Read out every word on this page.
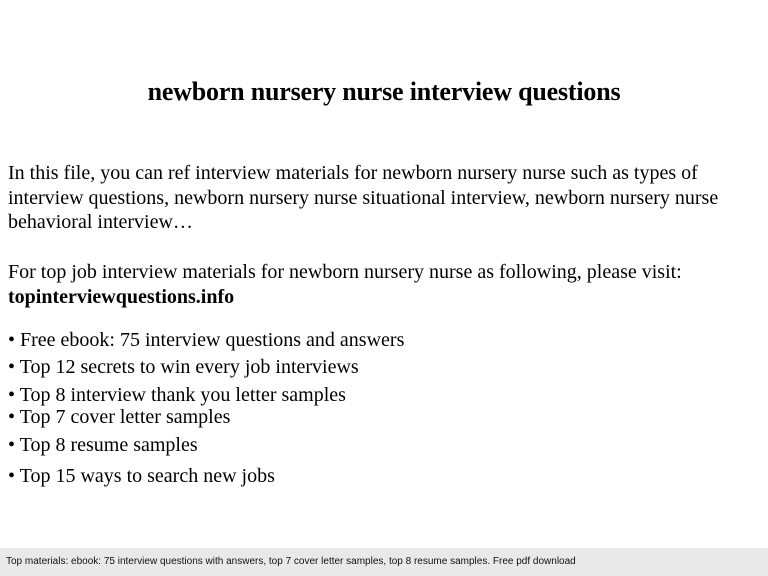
newborn nursery nurse interview questions

In this file, you can ref interview materials for newborn nursery nurse such as types of interview questions, newborn nursery nurse situational interview, newborn nursery nurse behavioral interview…

For top job interview materials for newborn nursery nurse as following, please visit:
topinterviewquestions.info

• Free ebook: 75 interview questions and answers
• Top 12 secrets to win every job interviews
• Top 8 interview thank you letter samples
• Top 7 cover letter samples
• Top 8 resume samples
• Top 15 ways to search new jobs
Top materials: ebook: 75 interview questions with answers, top 7 cover letter samples, top 8 resume samples. Free pdf download
